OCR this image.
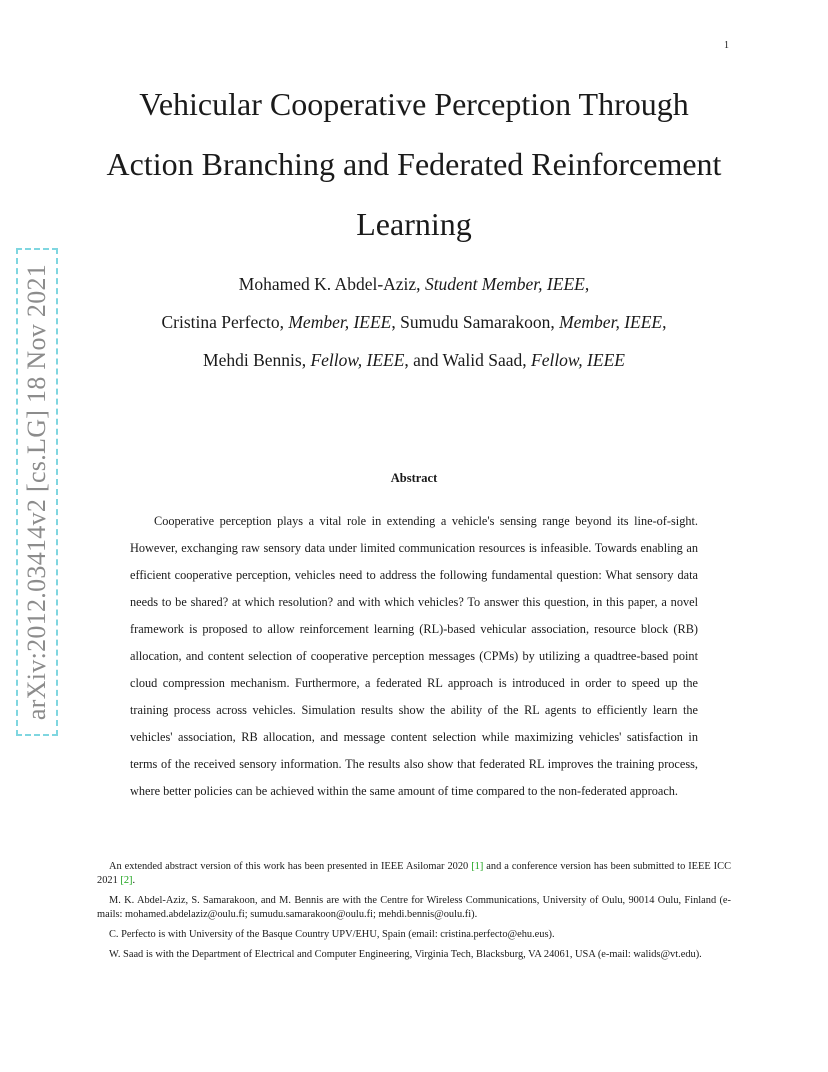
1
arXiv:2012.03414v2 [cs.LG] 18 Nov 2021
Vehicular Cooperative Perception Through
Action Branching and Federated Reinforcement
Learning
Mohamed K. Abdel-Aziz, Student Member, IEEE,
Cristina Perfecto, Member, IEEE, Sumudu Samarakoon, Member, IEEE,
Mehdi Bennis, Fellow, IEEE, and Walid Saad, Fellow, IEEE
Abstract

Cooperative perception plays a vital role in extending a vehicle's sensing range beyond its line-of-sight. However, exchanging raw sensory data under limited communication resources is infeasible. Towards enabling an efficient cooperative perception, vehicles need to address the following fundamental question: What sensory data needs to be shared? at which resolution? and with which vehicles? To answer this question, in this paper, a novel framework is proposed to allow reinforcement learning (RL)-based vehicular association, resource block (RB) allocation, and content selection of cooperative perception messages (CPMs) by utilizing a quadtree-based point cloud compression mechanism. Furthermore, a federated RL approach is introduced in order to speed up the training process across vehicles. Simulation results show the ability of the RL agents to efficiently learn the vehicles' association, RB allocation, and message content selection while maximizing vehicles' satisfaction in terms of the received sensory information. The results also show that federated RL improves the training process, where better policies can be achieved within the same amount of time compared to the non-federated approach.

An extended abstract version of this work has been presented in IEEE Asilomar 2020 [1] and a conference version has been submitted to IEEE ICC 2021 [2].

M. K. Abdel-Aziz, S. Samarakoon, and M. Bennis are with the Centre for Wireless Communications, University of Oulu, 90014 Oulu, Finland (e-mails: mohamed.abdelaziz@oulu.fi; sumudu.samarakoon@oulu.fi; mehdi.bennis@oulu.fi).

C. Perfecto is with University of the Basque Country UPV/EHU, Spain (email: cristina.perfecto@ehu.eus).

W. Saad is with the Department of Electrical and Computer Engineering, Virginia Tech, Blacksburg, VA 24061, USA (e-mail: walids@vt.edu).
